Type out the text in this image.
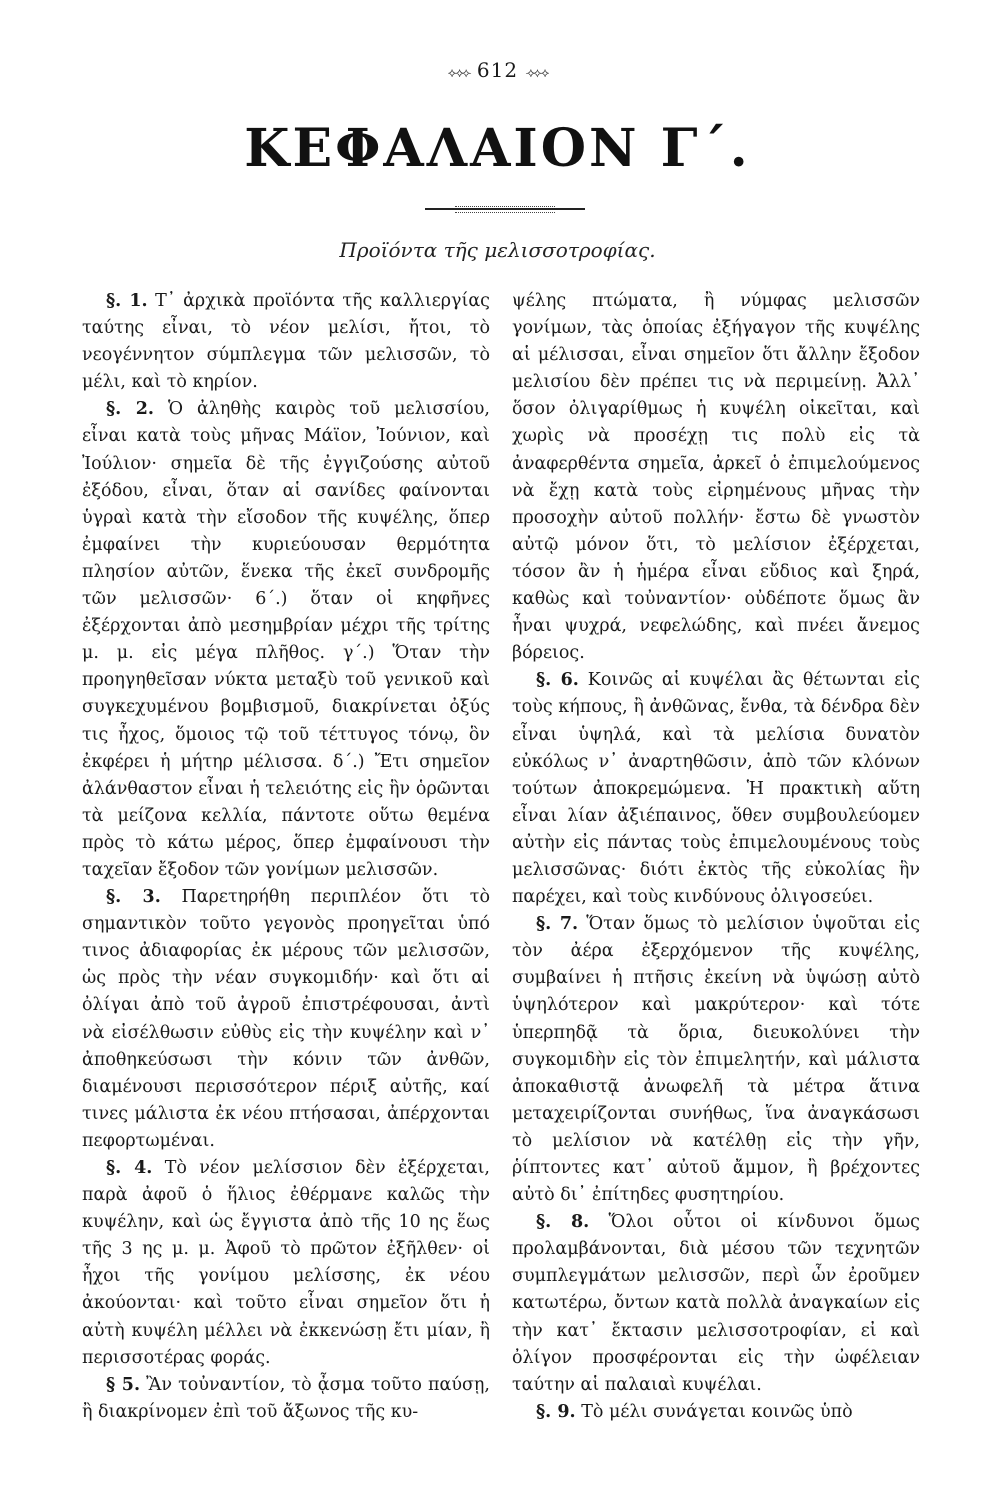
⟡⟢⟣ 612 ⟢⟣⟡
ΚΕΦΑΛΑΙΟΝ Γ΄.
Προϊόντα τῆς μελισσοτροφίας.

§. 1. Τ᾽ ἀρχικὰ προϊόντα τῆς καλλιεργίας ταύτης εἶναι, τὸ νέον μελίσι, ἤτοι, τὸ νεογέννητον σύμπλεγμα τῶν μελισσῶν, τὸ μέλι, καὶ τὸ κηρίον.

§. 2. Ὁ ἀληθὴς καιρὸς τοῦ μελισσίου, εἶναι κατὰ τοὺς μῆνας Μάϊον, Ἰούνιον, καὶ Ἰούλιον· σημεῖα δὲ τῆς ἐγγιζούσης αὐτοῦ ἐξόδου, εἶναι, ὅταν αἱ σανίδες φαίνονται ὑγραὶ κατὰ τὴν εἴσοδον τῆς κυψέλης, ὅπερ ἐμφαίνει τὴν κυριεύουσαν θερμότητα πλησίον αὐτῶν, ἕνεκα τῆς ἐκεῖ συνδρομῆς τῶν μελισσῶν· 6΄.) ὅταν οἱ κηφῆνες ἐξέρχονται ἀπὸ μεσημβρίαν μέχρι τῆς τρίτης μ. μ. εἰς μέγα πλῆθος. γ΄.) Ὅταν τὴν προηγηθεῖσαν νύκτα μεταξὺ τοῦ γενικοῦ καὶ συγκεχυμένου βομβισμοῦ, διακρίνεται ὀξύς τις ἦχος, ὅμοιος τῷ τοῦ τέττυγος τόνῳ, ὃν ἐκφέρει ἡ μήτηρ μέλισσα. δ΄.) Ἔτι σημεῖον ἀλάνθαστον εἶναι ἡ τελειότης εἰς ἣν ὁρῶνται τὰ μείζονα κελλία, πάντοτε οὕτω θεμένα πρὸς τὸ κάτω μέρος, ὅπερ ἐμφαίνουσι τὴν ταχεῖαν ἔξοδον τῶν γονίμων μελισσῶν.

§. 3. Παρετηρήθη περιπλέον ὅτι τὸ σημαντικὸν τοῦτο γεγονὸς προηγεῖται ὑπό τινος ἀδιαφορίας ἐκ μέρους τῶν μελισσῶν, ὡς πρὸς τὴν νέαν συγκομιδήν· καὶ ὅτι αἱ ὀλίγαι ἀπὸ τοῦ ἀγροῦ ἐπιστρέφουσαι, ἀντὶ νὰ εἰσέλθωσιν εὐθὺς εἰς τὴν κυψέλην καὶ ν᾽ ἀποθηκεύσωσι τὴν κόνιν τῶν ἀνθῶν, διαμένουσι περισσότερον πέριξ αὐτῆς, καί τινες μάλιστα ἐκ νέου πτήσασαι, ἀπέρχονται πεφορτωμέναι.

§. 4. Τὸ νέον μελίσσιον δὲν ἐξέρχεται, παρὰ ἀφοῦ ὁ ἥλιος ἐθέρμανε καλῶς τὴν κυψέλην, καὶ ὡς ἔγγιστα ἀπὸ τῆς 10 ης ἕως τῆς 3 ης μ. μ. Ἀφοῦ τὸ πρῶτον ἐξῆλθεν· οἱ ἦχοι τῆς γονίμου μελίσσης, ἐκ νέου ἀκούονται· καὶ τοῦτο εἶναι σημεῖον ὅτι ἡ αὐτὴ κυψέλη μέλλει νὰ ἐκκενώσῃ ἔτι μίαν, ἢ περισσοτέρας φοράς.

§ 5. Ἂν τοὐναντίον, τὸ ᾆσμα τοῦτο παύσῃ, ἢ διακρίνομεν ἐπὶ τοῦ ἄξωνος τῆς κυ-

ψέλης πτώματα, ἢ νύμφας μελισσῶν γονίμων, τὰς ὁποίας ἐξήγαγον τῆς κυψέλης αἱ μέλισσαι, εἶναι σημεῖον ὅτι ἄλλην ἔξοδον μελισίου δὲν πρέπει τις νὰ περιμείνῃ. Ἀλλ᾽ ὅσον ὀλιγαρίθμως ἡ κυψέλη οἰκεῖται, καὶ χωρὶς νὰ προσέχῃ τις πολὺ εἰς τὰ ἀναφερθέντα σημεῖα, ἀρκεῖ ὁ ἐπιμελούμενος νὰ ἔχῃ κατὰ τοὺς εἰρημένους μῆνας τὴν προσοχὴν αὐτοῦ πολλήν· ἔστω δὲ γνωστὸν αὐτῷ μόνον ὅτι, τὸ μελίσιον ἐξέρχεται, τόσον ἂν ἡ ἡμέρα εἶναι εὔδιος καὶ ξηρά, καθὼς καὶ τοὐναντίον· οὐδέποτε ὅμως ἂν ἦναι ψυχρά, νεφελώδης, καὶ πνέει ἄνεμος βόρειος.

§. 6. Κοινῶς αἱ κυψέλαι ἂς θέτωνται εἰς τοὺς κήπους, ἢ ἀνθῶνας, ἔνθα, τὰ δένδρα δὲν εἶναι ὑψηλά, καὶ τὰ μελίσια δυνατὸν εὐκόλως ν᾽ ἀναρτηθῶσιν, ἀπὸ τῶν κλόνων τούτων ἀποκρεμώμενα. Ἡ πρακτικὴ αὕτη εἶναι λίαν ἀξιέπαινος, ὅθεν συμβουλεύομεν αὐτὴν εἰς πάντας τοὺς ἐπιμελουμένους τοὺς μελισσῶνας· διότι ἐκτὸς τῆς εὐκολίας ἣν παρέχει, καὶ τοὺς κινδύνους ὀλιγοσεύει.

§. 7. Ὅταν ὅμως τὸ μελίσιον ὑψοῦται εἰς τὸν ἀέρα ἐξερχόμενον τῆς κυψέλης, συμβαίνει ἡ πτῆσις ἐκείνη νὰ ὑψώσῃ αὐτὸ ὑψηλότερον καὶ μακρύτερον· καὶ τότε ὑπερπηδᾷ τὰ ὅρια, διευκολύνει τὴν συγκομιδὴν εἰς τὸν ἐπιμελητήν, καὶ μάλιστα ἀποκαθιστᾷ ἀνωφελῆ τὰ μέτρα ἅτινα μεταχειρίζονται συνήθως, ἵνα ἀναγκάσωσι τὸ μελίσιον νὰ κατέλθῃ εἰς τὴν γῆν, ῥίπτοντες κατ᾽ αὐτοῦ ἄμμον, ἢ βρέχοντες αὐτὸ δι᾽ ἐπίτηδες φυσητηρίου.

§. 8. Ὅλοι οὗτοι οἱ κίνδυνοι ὅμως προλαμβάνονται, διὰ μέσου τῶν τεχνητῶν συμπλεγμάτων μελισσῶν, περὶ ὧν ἐροῦμεν κατωτέρω, ὄντων κατὰ πολλὰ ἀναγκαίων εἰς τὴν κατ᾽ ἔκτασιν μελισσοτροφίαν, εἰ καὶ ὀλίγον προσφέρονται εἰς τὴν ὠφέλειαν ταύτην αἱ παλαιαὶ κυψέλαι.

§. 9. Τὸ μέλι συνάγεται κοινῶς ὑπὸ
